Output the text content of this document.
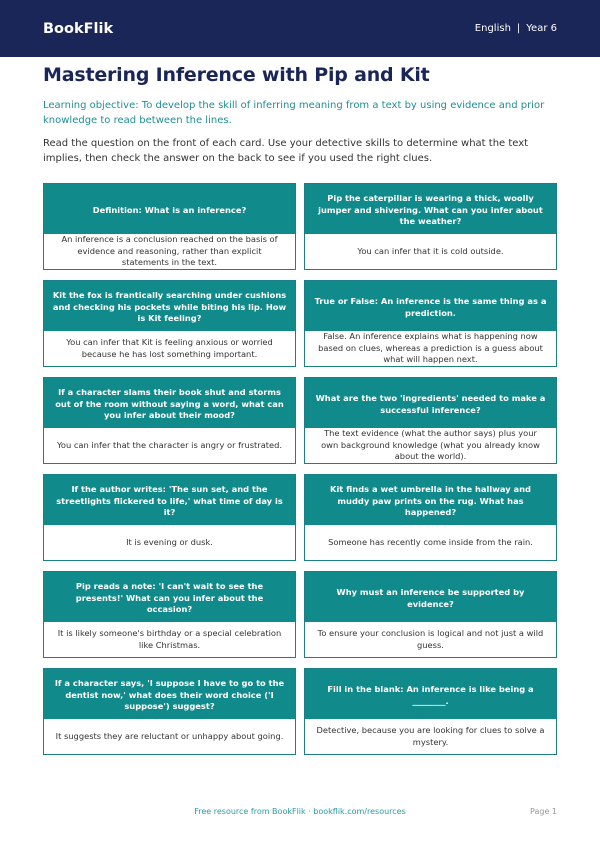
BookFlik	English | Year 6
Mastering Inference with Pip and Kit

Learning objective: To develop the skill of inferring meaning from a text by using evidence and prior knowledge to read between the lines.

Read the question on the front of each card. Use your detective skills to determine what the text implies, then check the answer on the back to see if you used the right clues.

Definition: What is an inference?
An inference is a conclusion reached on the basis of evidence and reasoning, rather than explicit statements in the text.
Pip the caterpillar is wearing a thick, woolly jumper and shivering. What can you infer about the weather?
You can infer that it is cold outside.
Kit the fox is frantically searching under cushions and checking his pockets while biting his lip. How is Kit feeling?
You can infer that Kit is feeling anxious or worried because he has lost something important.
True or False: An inference is the same thing as a prediction.
False. An inference explains what is happening now based on clues, whereas a prediction is a guess about what will happen next.
If a character slams their book shut and storms out of the room without saying a word, what can you infer about their mood?
You can infer that the character is angry or frustrated.
What are the two 'ingredients' needed to make a successful inference?
The text evidence (what the author says) plus your own background knowledge (what you already know about the world).
If the author writes: 'The sun set, and the streetlights flickered to life,' what time of day is it?
It is evening or dusk.
Kit finds a wet umbrella in the hallway and muddy paw prints on the rug. What has happened?
Someone has recently come inside from the rain.
Pip reads a note: 'I can't wait to see the presents!' What can you infer about the occasion?
It is likely someone's birthday or a special celebration like Christmas.
Why must an inference be supported by evidence?
To ensure your conclusion is logical and not just a wild guess.
If a character says, 'I suppose I have to go to the dentist now,' what does their word choice ('I suppose') suggest?
It suggests they are reluctant or unhappy about going.
Fill in the blank: An inference is like being a ________.
Detective, because you are looking for clues to solve a mystery.
Free resource from BookFlik · bookflik.com/resources	Page 1
